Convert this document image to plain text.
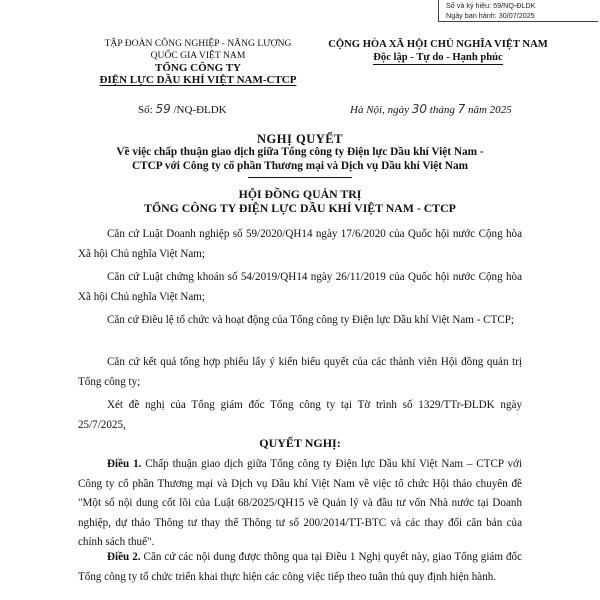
Số và ký hiệu: 59/NQ-ĐLDK
Ngày ban hành: 30/07/2025
TẬP ĐOÀN CÔNG NGHIỆP - NĂNG LƯỢNG
QUỐC GIA VIỆT NAM
TỔNG CÔNG TY
ĐIỆN LỰC DẦU KHÍ VIỆT NAM-CTCP
CỘNG HÒA XÃ HỘI CHỦ NGHĨA VIỆT NAM
Độc lập - Tự do - Hạnh phúc
Số: 59 /NQ-ĐLDK	Hà Nội, ngày 30 tháng 7 năm 2025
NGHỊ QUYẾT
Về việc chấp thuận giao dịch giữa Tổng công ty Điện lực Dầu khí Việt Nam -
CTCP với Công ty cổ phần Thương mại và Dịch vụ Dầu khí Việt Nam
HỘI ĐỒNG QUẢN TRỊ
TỔNG CÔNG TY ĐIỆN LỰC DẦU KHÍ VIỆT NAM - CTCP
Căn cứ Luật Doanh nghiệp số 59/2020/QH14 ngày 17/6/2020 của Quốc hội nước Cộng hòa Xã hội Chủ nghĩa Việt Nam;
Căn cứ Luật chứng khoán số 54/2019/QH14 ngày 26/11/2019 của Quốc hội nước Cộng hòa Xã hội Chủ nghĩa Việt Nam;
Căn cứ Điều lệ tổ chức và hoạt động của Tổng công ty Điện lực Dầu khí Việt Nam - CTCP;
Căn cứ kết quả tổng hợp phiếu lấy ý kiến biểu quyết của các thành viên Hội đồng quản trị Tổng công ty;
Xét đề nghị của Tổng giám đốc Tổng công ty tại Tờ trình số 1329/TTr-ĐLDK ngày 25/7/2025,
QUYẾT NGHỊ:
Điều 1. Chấp thuận giao dịch giữa Tổng công ty Điện lực Dầu khí Việt Nam – CTCP với Công ty cổ phần Thương mại và Dịch vụ Dầu khí Việt Nam về việc tổ chức Hội thảo chuyên đề "Một số nội dung cốt lõi của Luật 68/2025/QH15 về Quản lý và đầu tư vốn Nhà nước tại Doanh nghiệp, dự thảo Thông tư thay thế Thông tư số 200/2014/TT-BTC và các thay đổi căn bản của chính sách thuế".
Điều 2. Căn cứ các nội dung được thông qua tại Điều 1 Nghị quyết này, giao Tổng giám đốc Tổng công ty tổ chức triển khai thực hiện các công việc tiếp theo tuân thủ quy định hiện hành.
